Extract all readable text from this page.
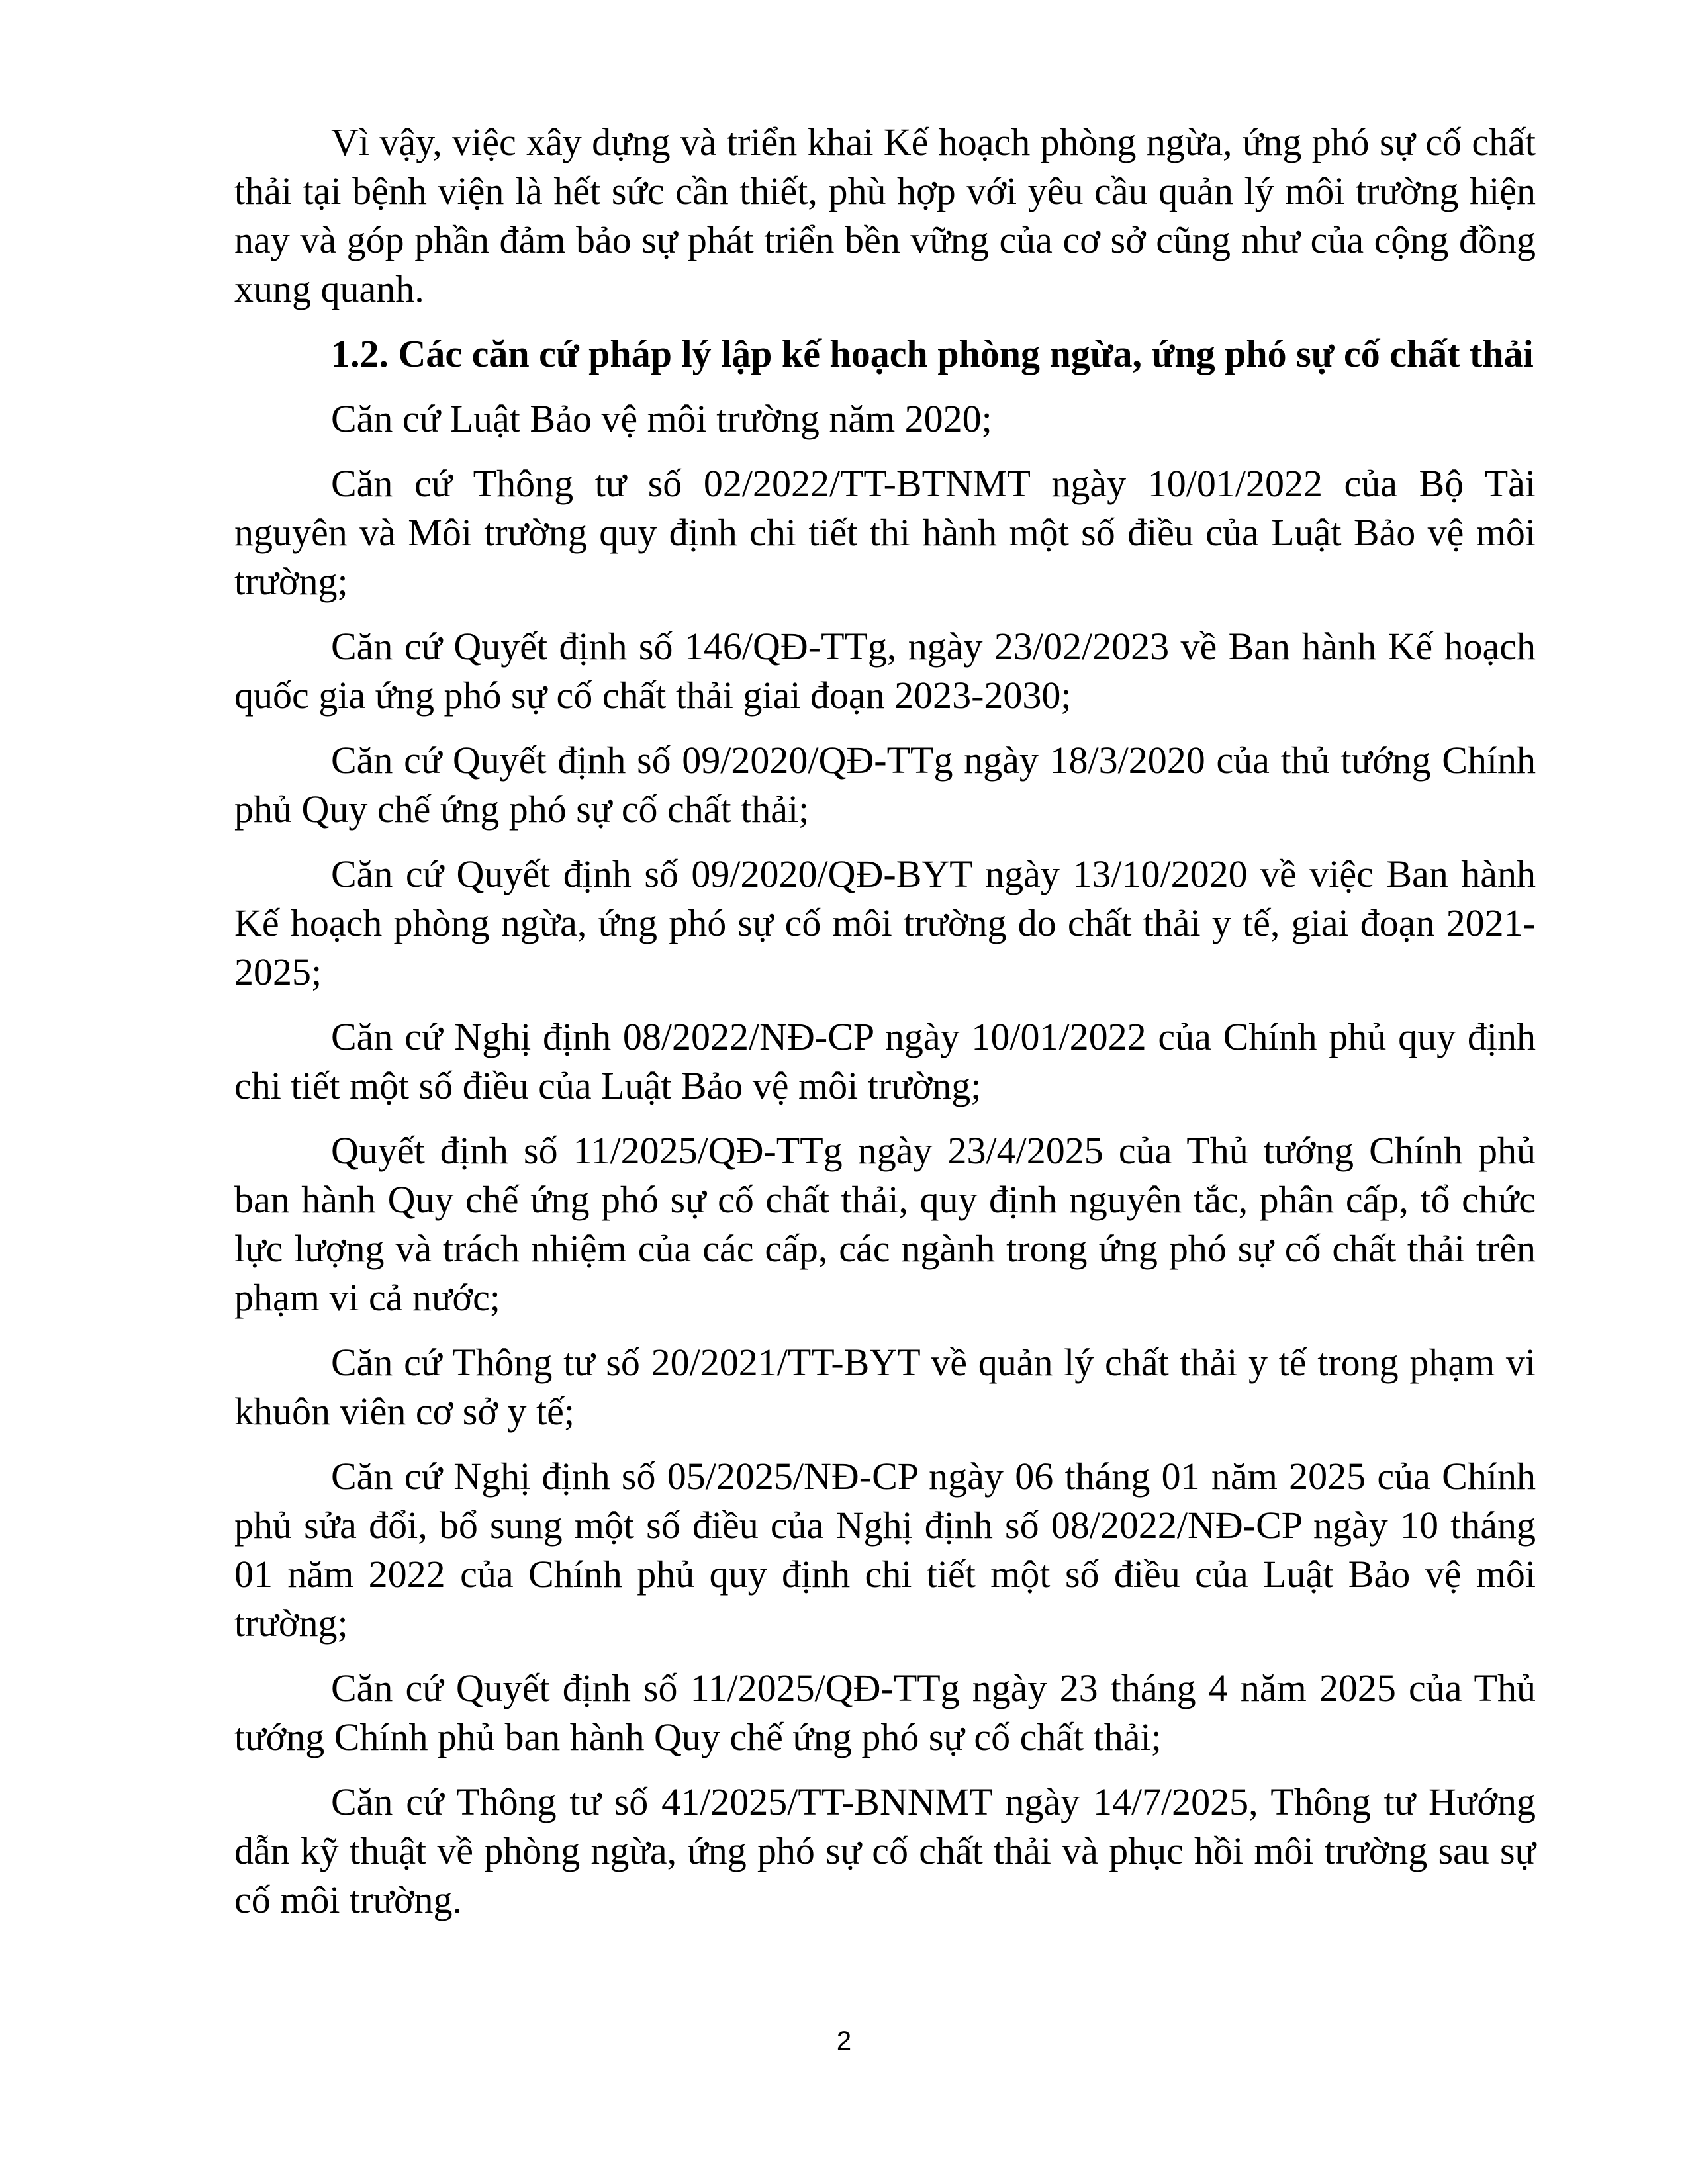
Vì vậy, việc xây dựng và triển khai Kế hoạch phòng ngừa, ứng phó sự cố chất thải tại bệnh viện là hết sức cần thiết, phù hợp với yêu cầu quản lý môi trường hiện nay và góp phần đảm bảo sự phát triển bền vững của cơ sở cũng như của cộng đồng xung quanh.

1.2. Các căn cứ pháp lý lập kế hoạch phòng ngừa, ứng phó sự cố chất thải

Căn cứ Luật Bảo vệ môi trường năm 2020;

Căn cứ Thông tư số 02/2022/TT-BTNMT ngày 10/01/2022 của Bộ Tài nguyên và Môi trường quy định chi tiết thi hành một số điều của Luật Bảo vệ môi trường;

Căn cứ Quyết định số 146/QĐ-TTg, ngày 23/02/2023 về Ban hành Kế hoạch quốc gia ứng phó sự cố chất thải giai đoạn 2023-2030;

Căn cứ Quyết định số 09/2020/QĐ-TTg ngày 18/3/2020 của thủ tướng Chính phủ Quy chế ứng phó sự cố chất thải;

Căn cứ Quyết định số 09/2020/QĐ-BYT ngày 13/10/2020 về việc Ban hành Kế hoạch phòng ngừa, ứng phó sự cố môi trường do chất thải y tế, giai đoạn 2021-2025;

Căn cứ Nghị định 08/2022/NĐ-CP ngày 10/01/2022 của Chính phủ quy định chi tiết một số điều của Luật Bảo vệ môi trường;

Quyết định số 11/2025/QĐ-TTg ngày 23/4/2025 của Thủ tướng Chính phủ ban hành Quy chế ứng phó sự cố chất thải, quy định nguyên tắc, phân cấp, tổ chức lực lượng và trách nhiệm của các cấp, các ngành trong ứng phó sự cố chất thải trên phạm vi cả nước;

Căn cứ Thông tư số 20/2021/TT-BYT về quản lý chất thải y tế trong phạm vi khuôn viên cơ sở y tế;

Căn cứ Nghị định số 05/2025/NĐ-CP ngày 06 tháng 01 năm 2025 của Chính phủ sửa đổi, bổ sung một số điều của Nghị định số 08/2022/NĐ-CP ngày 10 tháng 01 năm 2022 của Chính phủ quy định chi tiết một số điều của Luật Bảo vệ môi trường;

Căn cứ Quyết định số 11/2025/QĐ-TTg ngày 23 tháng 4 năm 2025 của Thủ tướng Chính phủ ban hành Quy chế ứng phó sự cố chất thải;

Căn cứ Thông tư số 41/2025/TT-BNNMT ngày 14/7/2025, Thông tư Hướng dẫn kỹ thuật về phòng ngừa, ứng phó sự cố chất thải và phục hồi môi trường sau sự cố môi trường.

2
